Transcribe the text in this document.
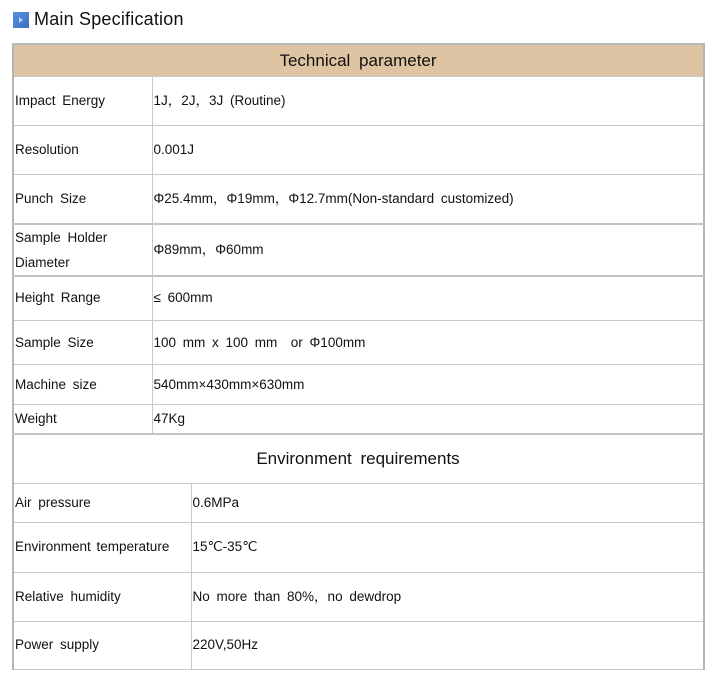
Main Specification
Technical parameter		
Impact Energy	1J，2J，3J (Routine)	
Resolution	0.001J	
Punch Size	Φ25.4mm，Φ19mm，Φ12.7mm(Non-standard customized)	
Sample Holder Diameter	Φ89mm，Φ60mm	
Height Range	≤ 600mm	
Sample Size	100 mm x 100 mm  or Φ100mm	
Machine size	540mm×430mm×630mm	
Weight	47Kg	
Environment requirements		
Air pressure		0.6MPa
Environment temperature		15℃-35℃
Relative humidity		No more than 80%，no dewdrop
Power supply		220V,50Hz
